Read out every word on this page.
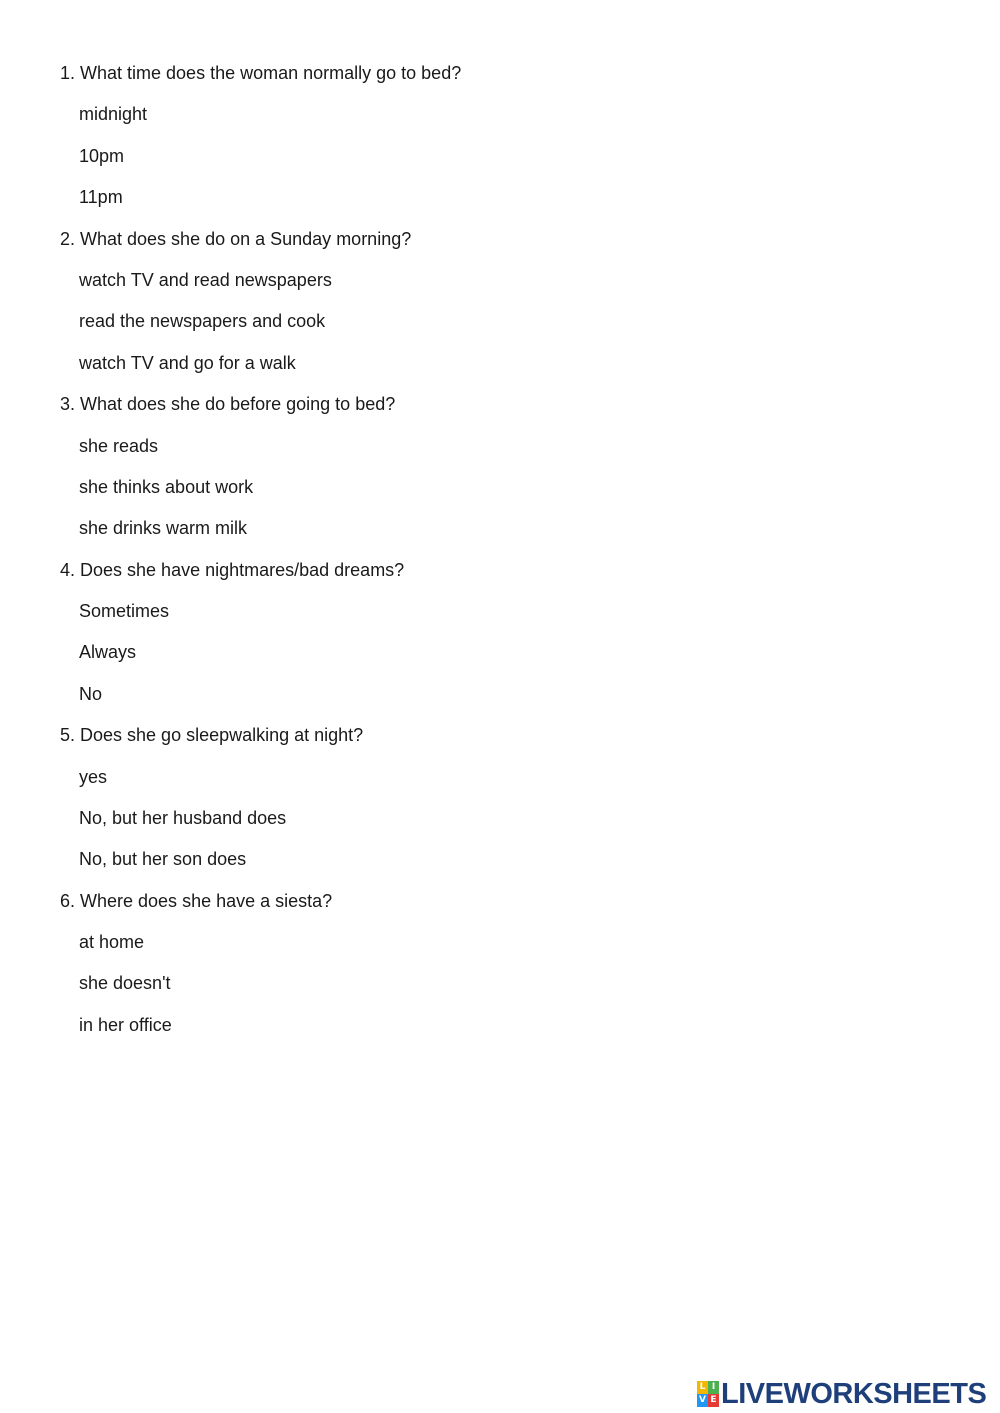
1. What time does the woman normally go to bed?
midnight
10pm
11pm
2. What does she do on a Sunday morning?
watch TV and read newspapers
read the newspapers and cook
watch TV and go for a walk
3. What does she do before going to bed?
she reads
she thinks about work
she drinks warm milk
4. Does she have nightmares/bad dreams?
Sometimes
Always
No
5. Does she go sleepwalking at night?
yes
No, but her husband does
No, but her son does
6. Where does she have a siesta?
at home
she doesn't
in her office
L I
V E LIVEWORKSHEETS
